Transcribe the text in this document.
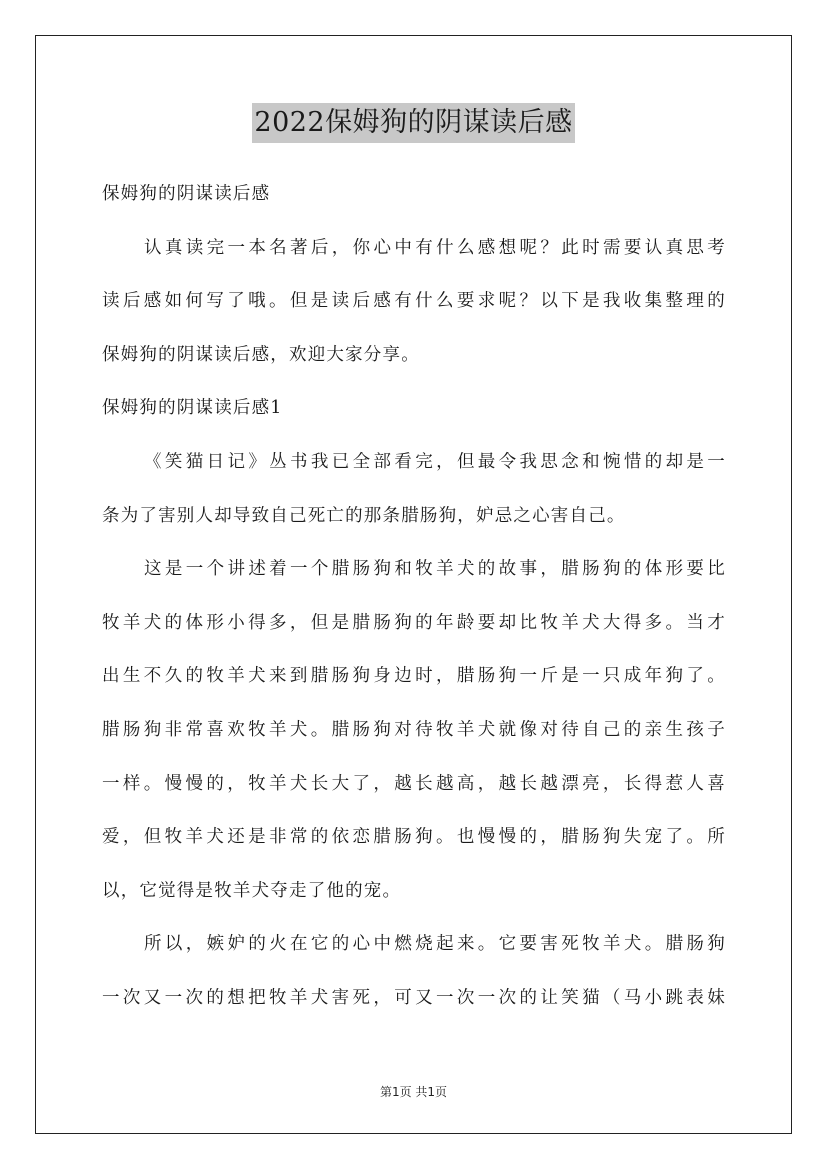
2022保姆狗的阴谋读后感
保姆狗的阴谋读后感
认真读完一本名著后，你心中有什么感想呢？此时需要认真思考
读后感如何写了哦。但是读后感有什么要求呢？以下是我收集整理的
保姆狗的阴谋读后感，欢迎大家分享。
保姆狗的阴谋读后感1
《笑猫日记》丛书我已全部看完，但最令我思念和惋惜的却是一
条为了害别人却导致自己死亡的那条腊肠狗，妒忌之心害自己。
这是一个讲述着一个腊肠狗和牧羊犬的故事，腊肠狗的体形要比
牧羊犬的体形小得多，但是腊肠狗的年龄要却比牧羊犬大得多。当才
出生不久的牧羊犬来到腊肠狗身边时，腊肠狗一斤是一只成年狗了。
腊肠狗非常喜欢牧羊犬。腊肠狗对待牧羊犬就像对待自己的亲生孩子
一样。慢慢的，牧羊犬长大了，越长越高，越长越漂亮，长得惹人喜
爱，但牧羊犬还是非常的依恋腊肠狗。也慢慢的，腊肠狗失宠了。所
以，它觉得是牧羊犬夺走了他的宠。
所以，嫉妒的火在它的心中燃烧起来。它要害死牧羊犬。腊肠狗
一次又一次的想把牧羊犬害死，可又一次一次的让笑猫（马小跳表妹
第1页 共1页
